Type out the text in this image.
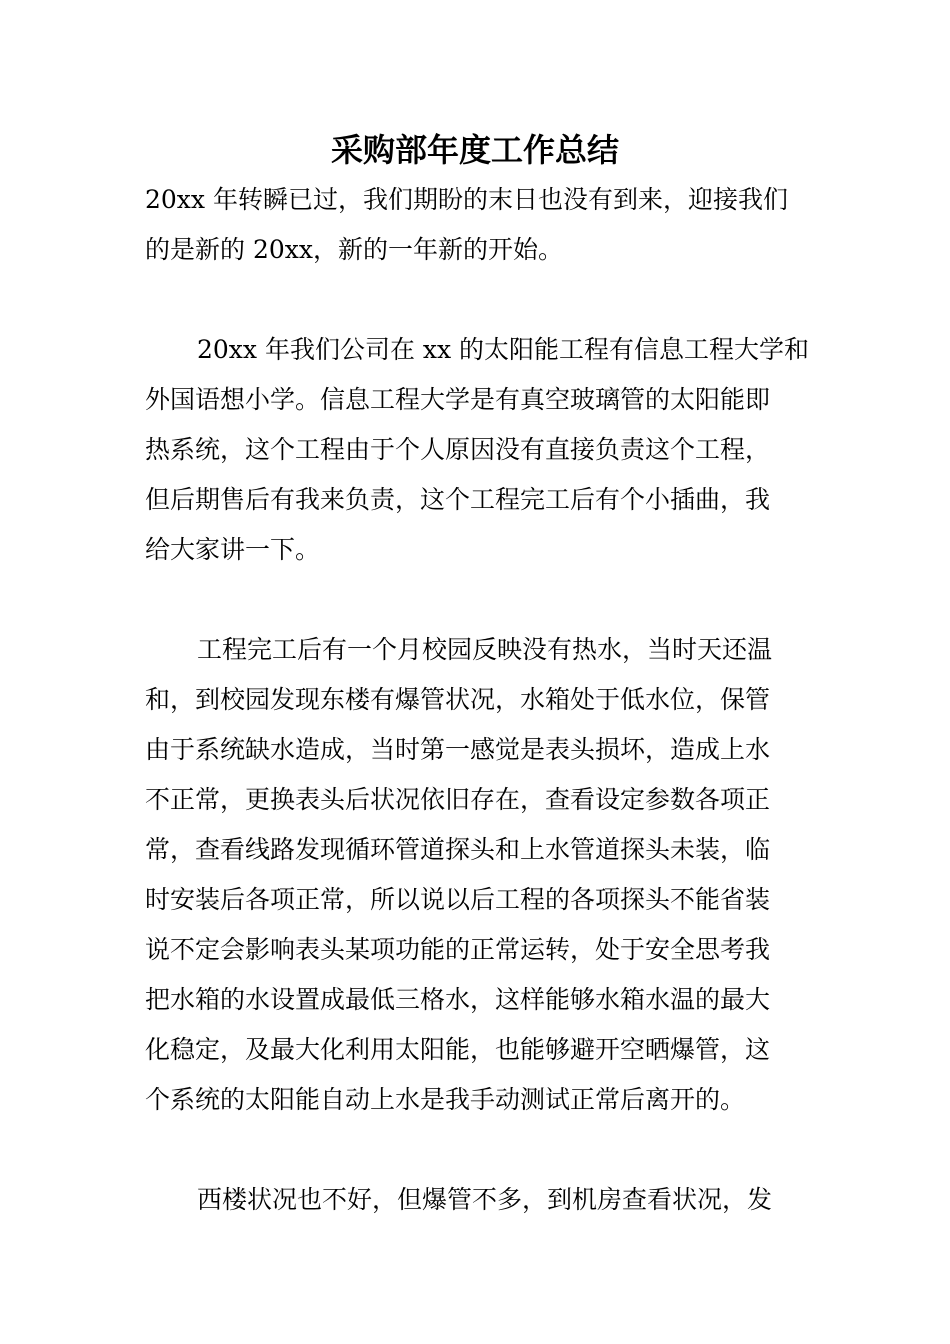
采购部年度工作总结

20xx 年转瞬已过，我们期盼的末日也没有到来，迎接我们
的是新的 20xx，新的一年新的开始。

20xx 年我们公司在 xx 的太阳能工程有信息工程大学和
外国语想小学。信息工程大学是有真空玻璃管的太阳能即
热系统，这个工程由于个人原因没有直接负责这个工程，
但后期售后有我来负责，这个工程完工后有个小插曲，我
给大家讲一下。

工程完工后有一个月校园反映没有热水，当时天还温
和，到校园发现东楼有爆管状况，水箱处于低水位，保管
由于系统缺水造成，当时第一感觉是表头损坏，造成上水
不正常，更换表头后状况依旧存在，查看设定参数各项正
常，查看线路发现循环管道探头和上水管道探头未装，临
时安装后各项正常，所以说以后工程的各项探头不能省装
说不定会影响表头某项功能的正常运转，处于安全思考我
把水箱的水设置成最低三格水，这样能够水箱水温的最大
化稳定，及最大化利用太阳能，也能够避开空晒爆管，这
个系统的太阳能自动上水是我手动测试正常后离开的。

西楼状况也不好，但爆管不多，到机房查看状况，发
